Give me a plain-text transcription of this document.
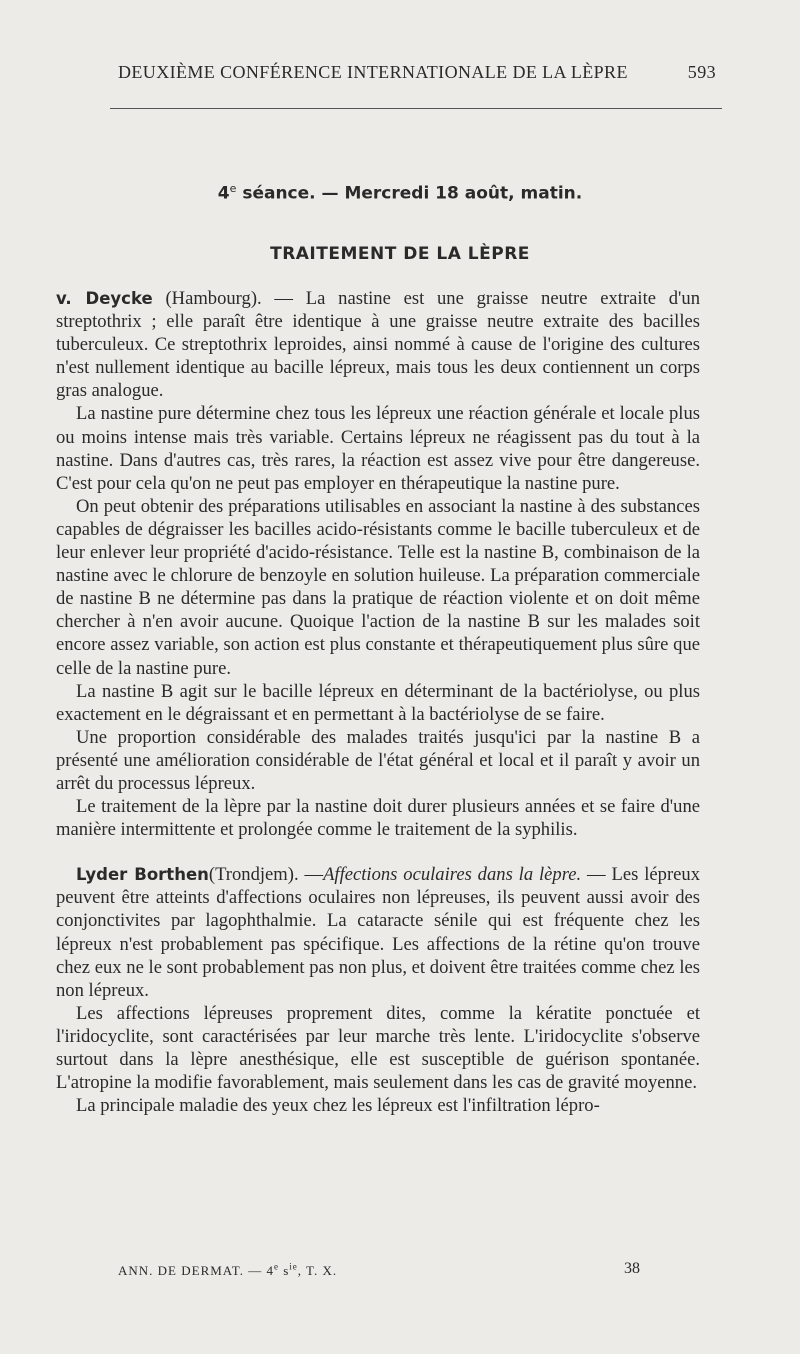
DEUXIÈME CONFÉRENCE INTERNATIONALE DE LA LÈPRE	593
4e séance. — Mercredi 18 août, matin.
TRAITEMENT DE LA LÈPRE

v. Deycke (Hambourg). — La nastine est une graisse neutre extraite d'un streptothrix ; elle paraît être identique à une graisse neutre extraite des bacilles tuberculeux. Ce streptothrix leproides, ainsi nommé à cause de l'origine des cultures n'est nullement identique au bacille lépreux, mais tous les deux contiennent un corps gras analogue.

La nastine pure détermine chez tous les lépreux une réaction générale et locale plus ou moins intense mais très variable. Certains lépreux ne réagissent pas du tout à la nastine. Dans d'autres cas, très rares, la réaction est assez vive pour être dangereuse. C'est pour cela qu'on ne peut pas employer en thérapeutique la nastine pure.

On peut obtenir des préparations utilisables en associant la nastine à des substances capables de dégraisser les bacilles acido-résistants comme le bacille tuberculeux et de leur enlever leur propriété d'acido-résistance. Telle est la nastine B, combinaison de la nastine avec le chlorure de benzoyle en solution huileuse. La préparation commerciale de nastine B ne détermine pas dans la pratique de réaction violente et on doit même chercher à n'en avoir aucune. Quoique l'action de la nastine B sur les malades soit encore assez variable, son action est plus constante et thérapeutiquement plus sûre que celle de la nastine pure.

La nastine B agit sur le bacille lépreux en déterminant de la bactériolyse, ou plus exactement en le dégraissant et en permettant à la bactériolyse de se faire.

Une proportion considérable des malades traités jusqu'ici par la nastine B a présenté une amélioration considérable de l'état général et local et il paraît y avoir un arrêt du processus lépreux.

Le traitement de la lèpre par la nastine doit durer plusieurs années et se faire d'une manière intermittente et prolongée comme le traitement de la syphilis.

Lyder Borthen(Trondjem). —Affections oculaires dans la lèpre. — Les lépreux peuvent être atteints d'affections oculaires non lépreuses, ils peuvent aussi avoir des conjonctivites par lagophthalmie. La cataracte sénile qui est fréquente chez les lépreux n'est probablement pas spécifique. Les affections de la rétine qu'on trouve chez eux ne le sont probablement pas non plus, et doivent être traitées comme chez les non lépreux.

Les affections lépreuses proprement dites, comme la kératite ponctuée et l'iridocyclite, sont caractérisées par leur marche très lente. L'iridocyclite s'observe surtout dans la lèpre anesthésique, elle est susceptible de guérison spontanée. L'atropine la modifie favorablement, mais seulement dans les cas de gravité moyenne.

La principale maladie des yeux chez les lépreux est l'infiltration lépro-

ANN. DE DERMAT. — 4e $s^{ie}$, T. X.	38
